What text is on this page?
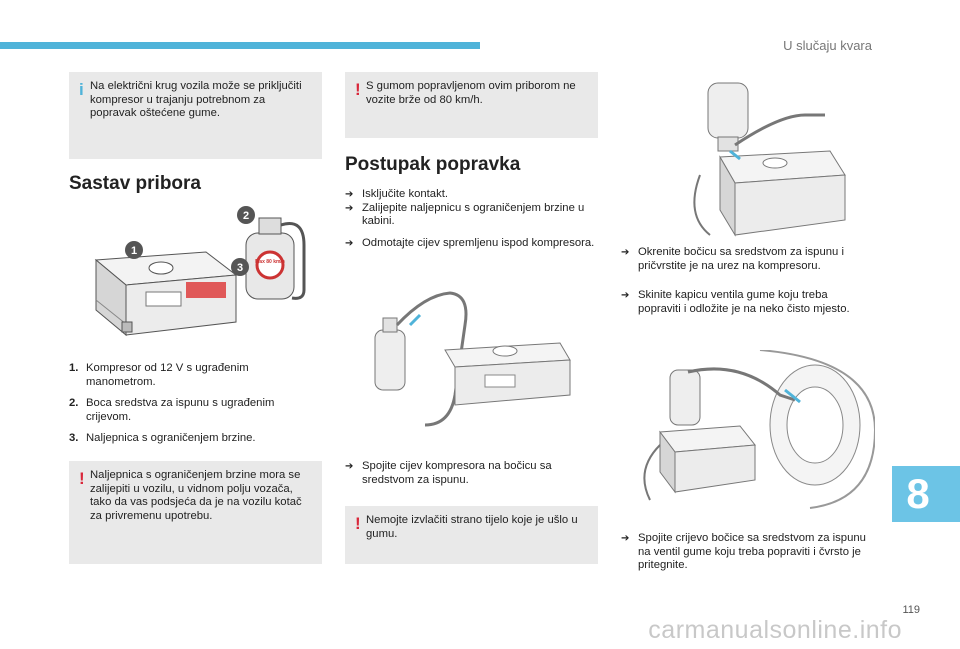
U slučaju kvara
i Na električni krug vozila može se priključiti kompresor u trajanju potrebnom za popravak oštećene gume.
Sastav pribora
Max 80 km/h
1
2
3
1. Kompresor od 12 V s ugrađenim manometrom.
2. Boca sredstva za ispunu s ugrađenim crijevom.
3. Naljepnica s ograničenjem brzine.
! Naljepnica s ograničenjem brzine mora se zalijepiti u vozilu, u vidnom polju vozača, tako da vas podsjeća da je na vozilu kotač za privremenu upotrebu.
! S gumom popravljenom ovim priborom ne vozite brže od 80 km/h.
Postupak popravka
➔ Isključite kontakt.
➔ Zalijepite naljepnicu s ograničenjem brzine u kabini.
➔ Odmotajte cijev spremljenu ispod kompresora.
➔ Spojite cijev kompresora na bočicu sa sredstvom za ispunu.
! Nemojte izvlačiti strano tijelo koje je ušlo u gumu.
➔ Okrenite bočicu sa sredstvom za ispunu i pričvrstite je na urez na kompresoru.
➔ Skinite kapicu ventila gume koju treba popraviti i odložite je na neko čisto mjesto.
➔ Spojite crijevo bočice sa sredstvom za ispunu na ventil gume koju treba popraviti i čvrsto je pritegnite.
8
119
carmanualsonline.info
